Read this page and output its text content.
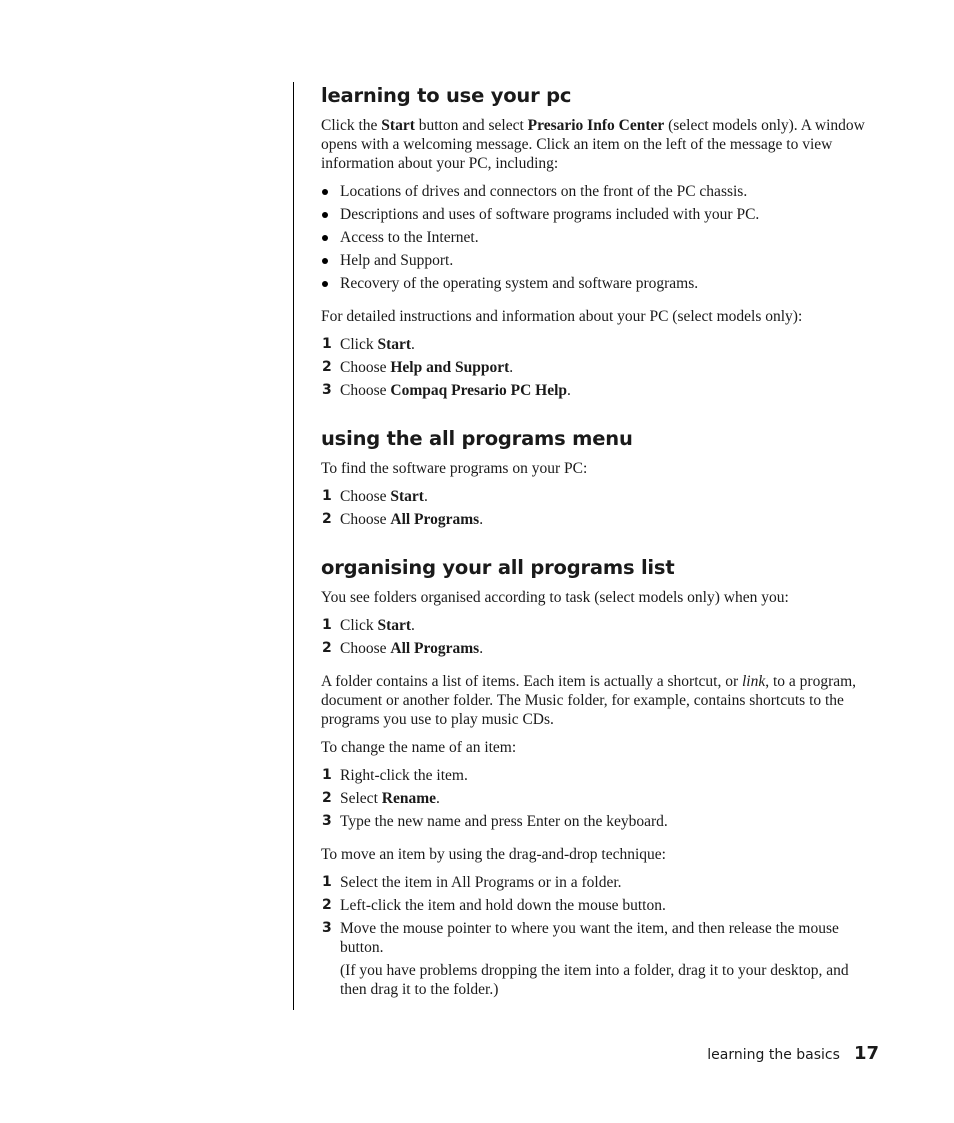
learning to use your pc

Click the Start button and select Presario Info Center (select models only). A window opens with a welcoming message. Click an item on the left of the message to view information about your PC, including:

Locations of drives and connectors on the front of the PC chassis.
Descriptions and uses of software programs included with your PC.
Access to the Internet.
Help and Support.
Recovery of the operating system and software programs.

For detailed instructions and information about your PC (select models only):

1 Click Start.
2 Choose Help and Support.
3 Choose Compaq Presario PC Help.
using the all programs menu

To find the software programs on your PC:

1 Choose Start.
2 Choose All Programs.
organising your all programs list

You see folders organised according to task (select models only) when you:

1 Click Start.
2 Choose All Programs.

A folder contains a list of items. Each item is actually a shortcut, or link, to a program, document or another folder. The Music folder, for example, contains shortcuts to the programs you use to play music CDs.

To change the name of an item:

1 Right-click the item.
2 Select Rename.
3 Type the new name and press Enter on the keyboard.

To move an item by using the drag-and-drop technique:

1 Select the item in All Programs or in a folder.
2 Left-click the item and hold down the mouse button.
3 Move the mouse pointer to where you want the item, and then release the mouse button.
(If you have problems dropping the item into a folder, drag it to your desktop, and then drag it to the folder.)
learning the basics 17
